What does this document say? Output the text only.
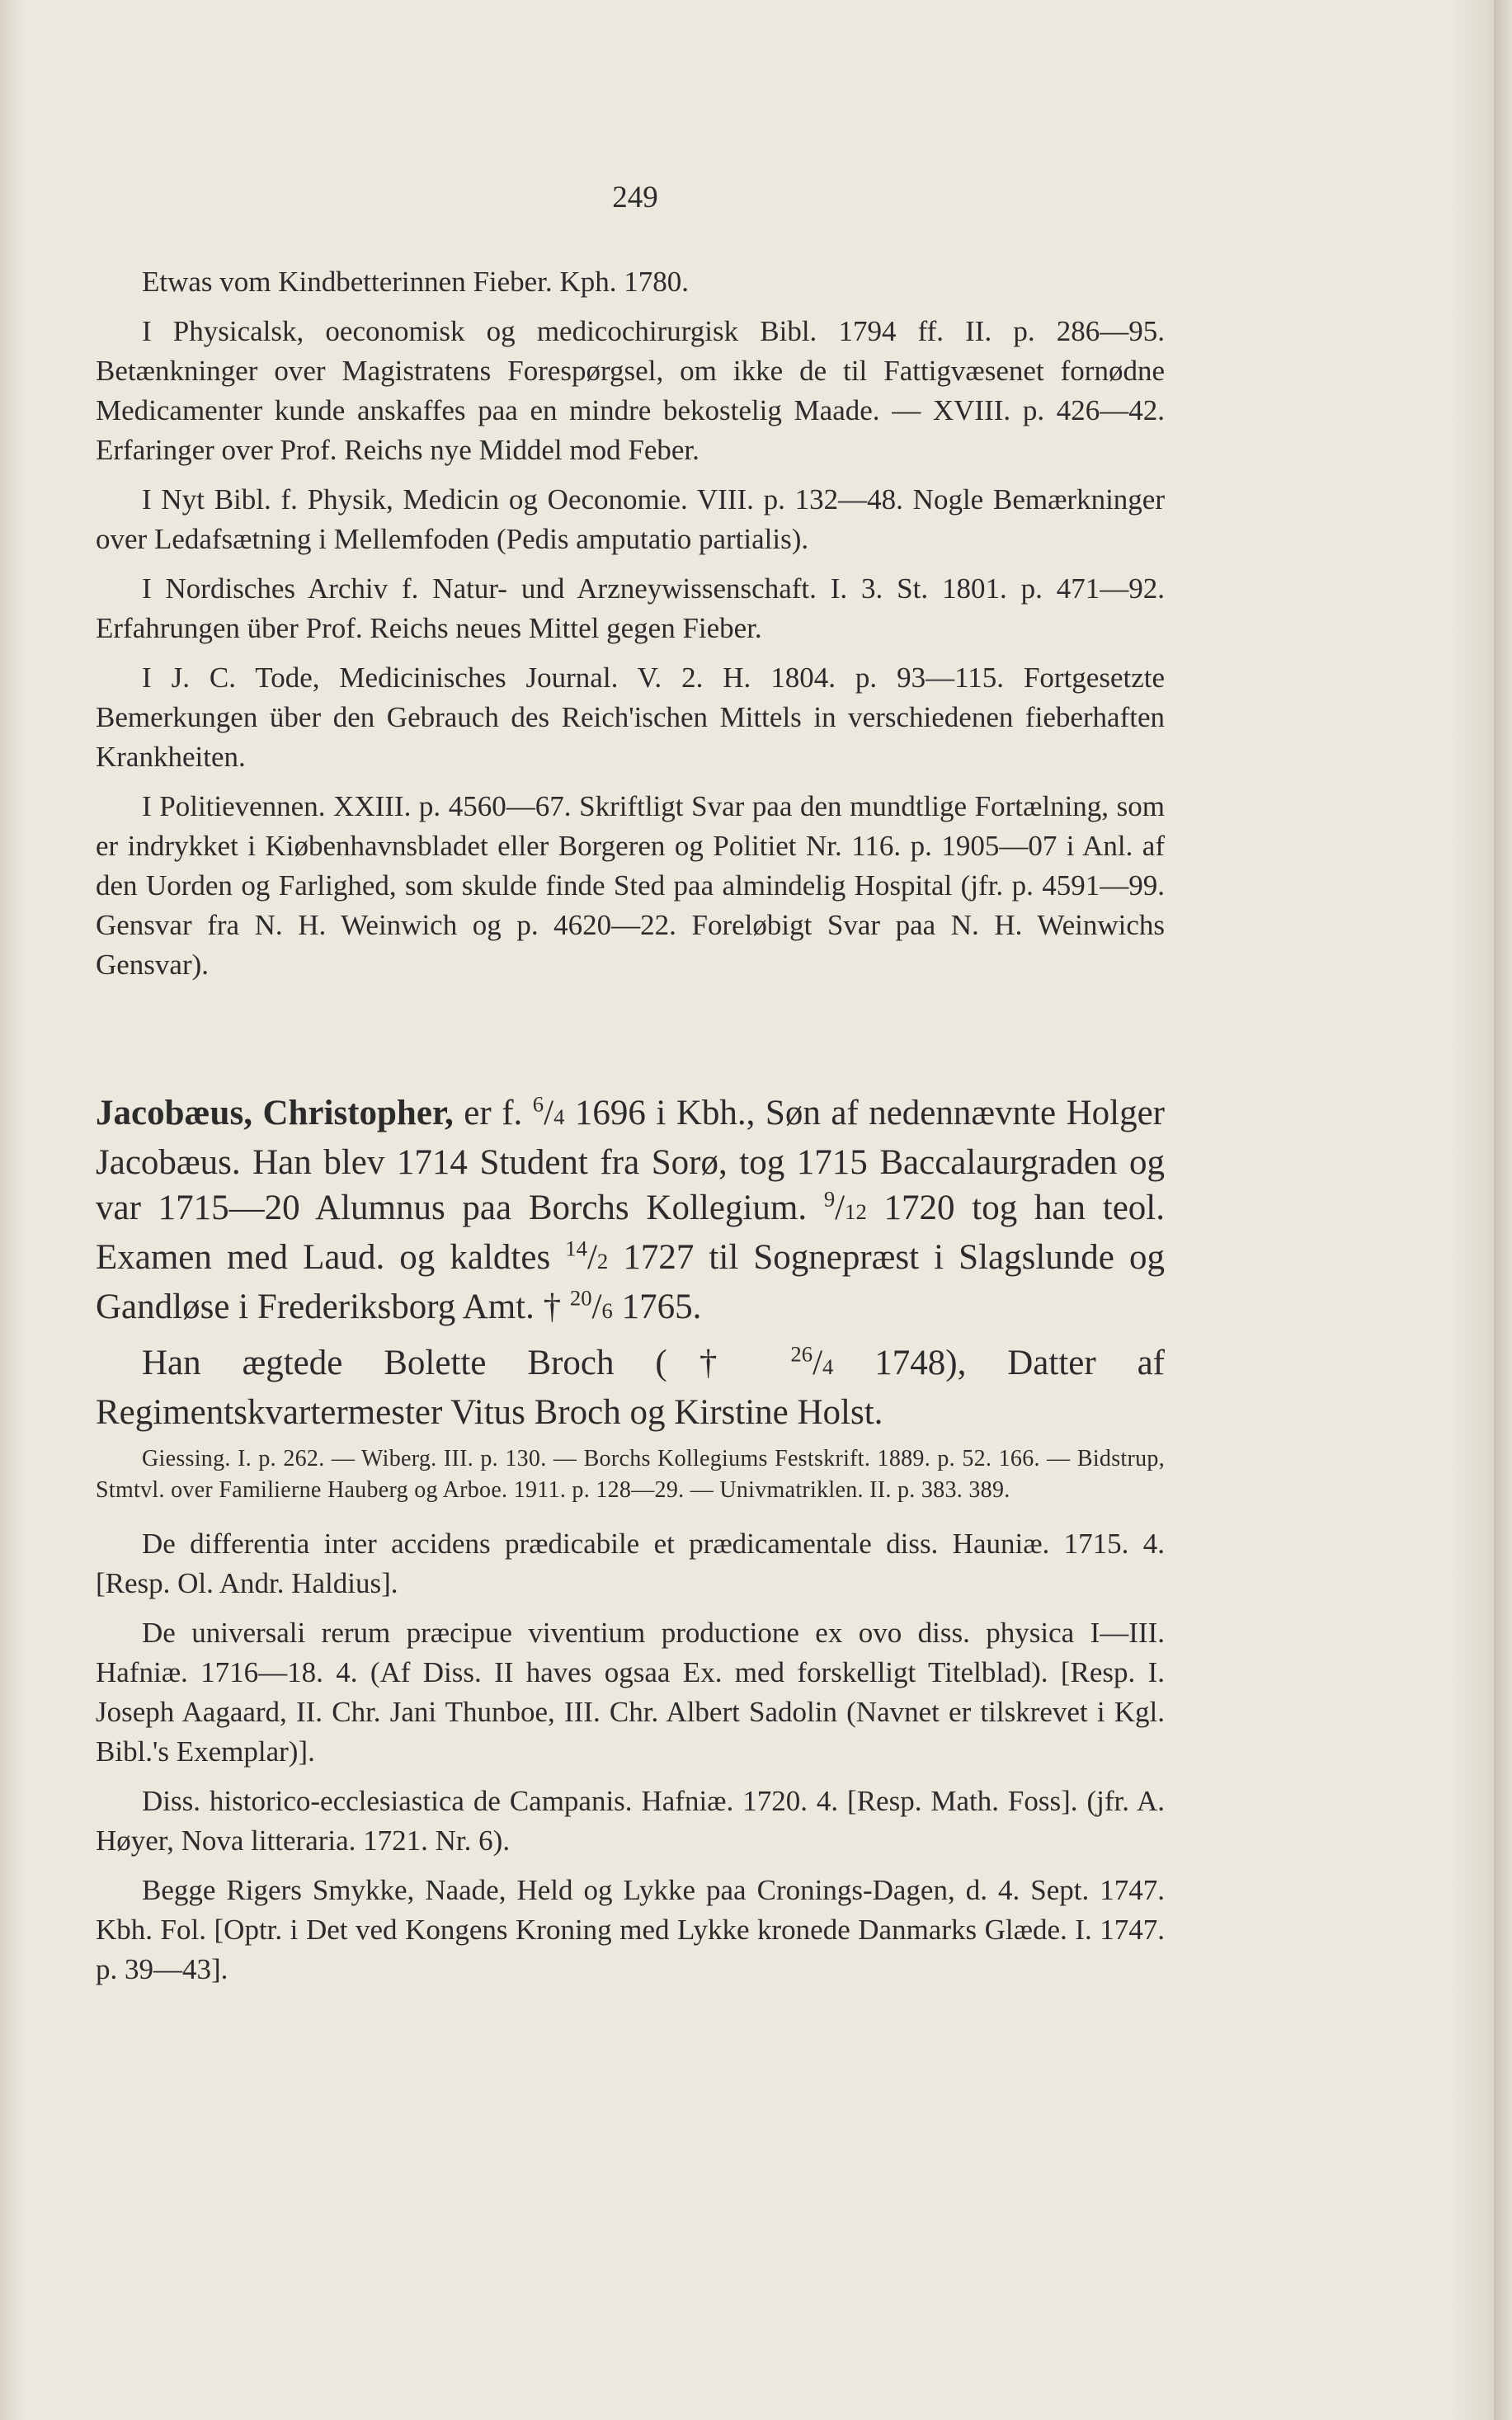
249

Etwas vom Kindbetterinnen Fieber. Kph. 1780.

I Physicalsk, oeconomisk og medicochirurgisk Bibl. 1794 ff. II. p. 286—95. Betænkninger over Magistratens Forespørgsel, om ikke de til Fattigvæsenet fornødne Medicamenter kunde anskaffes paa en mindre bekostelig Maade. — XVIII. p. 426—42. Erfaringer over Prof. Reichs nye Middel mod Feber.

I Nyt Bibl. f. Physik, Medicin og Oeconomie. VIII. p. 132—48. Nogle Bemærkninger over Ledafsætning i Mellemfoden (Pedis amputatio partialis).

I Nordisches Archiv f. Natur- und Arzneywissenschaft. I. 3. St. 1801. p. 471—92. Erfahrungen über Prof. Reichs neues Mittel gegen Fieber.

I J. C. Tode, Medicinisches Journal. V. 2. H. 1804. p. 93—115. Fortgesetzte Bemerkungen über den Gebrauch des Reich'ischen Mittels in verschiedenen fieberhaften Krankheiten.

I Politievennen. XXIII. p. 4560—67. Skriftligt Svar paa den mundtlige Fortælning, som er indrykket i Kiøbenhavnsbladet eller Borgeren og Politiet Nr. 116. p. 1905—07 i Anl. af den Uorden og Farlighed, som skulde finde Sted paa almindelig Hospital (jfr. p. 4591—99. Gensvar fra N. H. Weinwich og p. 4620—22. Foreløbigt Svar paa N. H. Weinwichs Gensvar).

Jacobæus, Christopher, er f. $^6$/4 1696 i Kbh., Søn af nedennævnte Holger Jacobæus. Han blev 1714 Student fra Sorø, tog 1715 Baccalaurgraden og var 1715—20 Alumnus paa Borchs Kollegium. $^9$/12 1720 tog han teol. Examen med Laud. og kaldtes $^{14}$/2 1727 til Sognepræst i Slagslunde og Gandløse i Frederiksborg Amt. † $^{20}$/6 1765.

Han ægtede Bolette Broch († $^{26}$/4 1748), Datter af Regimentskvartermester Vitus Broch og Kirstine Holst.

Giessing. I. p. 262. — Wiberg. III. p. 130. — Borchs Kollegiums Festskrift. 1889. p. 52. 166. — Bidstrup, Stmtvl. over Familierne Hauberg og Arboe. 1911. p. 128—29. — Univmatriklen. II. p. 383. 389.

De differentia inter accidens prædicabile et prædicamentale diss. Hauniæ. 1715. 4. [Resp. Ol. Andr. Haldius].

De universali rerum præcipue viventium productione ex ovo diss. physica I—III. Hafniæ. 1716—18. 4. (Af Diss. II haves ogsaa Ex. med forskelligt Titelblad). [Resp. I. Joseph Aagaard, II. Chr. Jani Thunboe, III. Chr. Albert Sadolin (Navnet er tilskrevet i Kgl. Bibl.'s Exemplar)].

Diss. historico-ecclesiastica de Campanis. Hafniæ. 1720. 4. [Resp. Math. Foss]. (jfr. A. Høyer, Nova litteraria. 1721. Nr. 6).

Begge Rigers Smykke, Naade, Held og Lykke paa Cronings-Dagen, d. 4. Sept. 1747. Kbh. Fol. [Optr. i Det ved Kongens Kroning med Lykke kronede Danmarks Glæde. I. 1747. p. 39—43].
